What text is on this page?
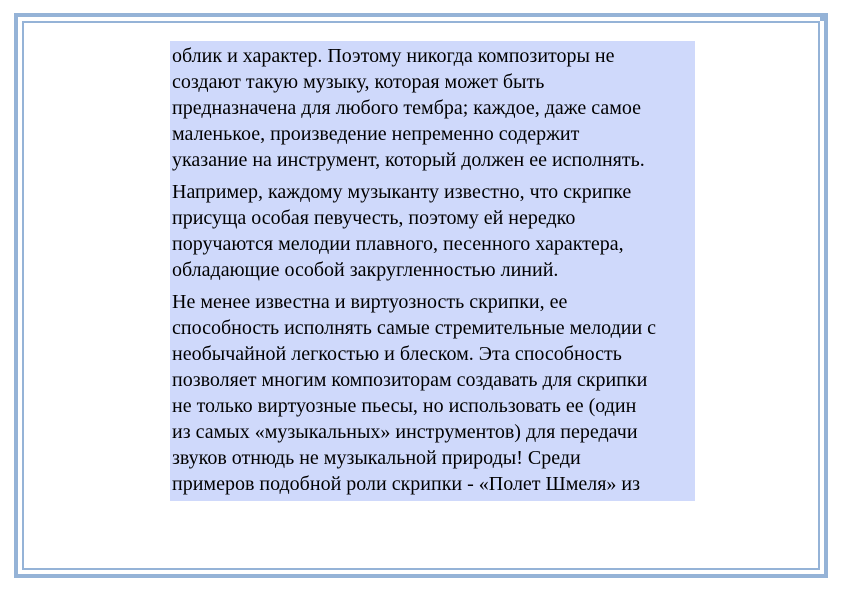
облик и характер. Поэтому никогда композиторы не
создают такую музыку, которая может быть
предназначена для любого тембра; каждое, даже самое
маленькое, произведение непременно содержит
указание на инструмент, который должен ее исполнять.
Например, каждому музыканту известно, что скрипке
присуща особая певучесть, поэтому ей нередко
поручаются мелодии плавного, песенного характера,
обладающие особой закругленностью линий.
Не менее известна и виртуозность скрипки, ее
способность исполнять самые стремительные мелодии с
необычайной легкостью и блеском. Эта способность
позволяет многим композиторам создавать для скрипки
не только виртуозные пьесы, но использовать ее (один
из самых «музыкальных» инструментов) для передачи
звуков отнюдь не музыкальной природы! Среди
примеров подобной роли скрипки - «Полет Шмеля» из
